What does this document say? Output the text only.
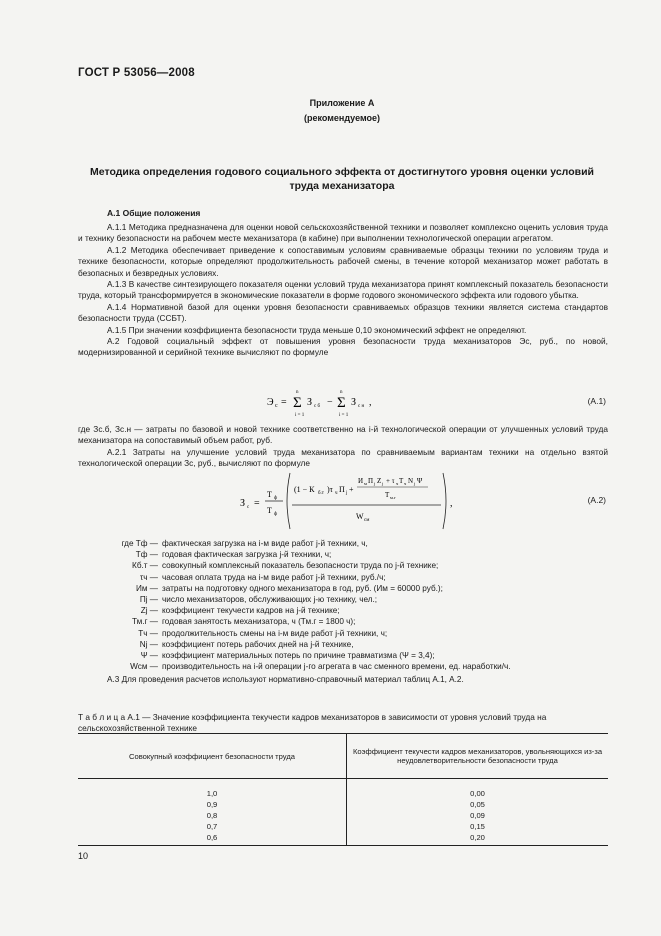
ГОСТ Р 53056—2008
Приложение А
(рекомендуемое)
Методика определения годового социального эффекта от достигнутого уровня оценки условий труда механизатора
А.1 Общие положения

А.1.1 Методика предназначена для оценки новой сельскохозяйственной техники и позволяет комплексно оценить условия труда и технику безопасности на рабочем месте механизатора (в кабине) при выполнении технологической операции агрегатом.

А.1.2 Методика обеспечивает приведение к сопоставимым условиям сравниваемые образцы техники по условиям труда и технике безопасности, которые определяют продолжительность рабочей смены, в течение которой механизатор может работать в безопасных и безвредных условиях.

А.1.3 В качестве синтезирующего показателя оценки условий труда механизатора принят комплексный показатель безопасности труда, который трансформируется в экономические показатели в форме годового экономического эффекта или годового убытка.

А.1.4 Нормативной базой для оценки уровня безопасности сравниваемых образцов техники является система стандартов безопасности труда (ССБТ).

А.1.5 При значении коэффициента безопасности труда меньше 0,10 экономический эффект не определяют.

А.2 Годовой социальный эффект от повышения уровня безопасности труда механизаторов Эс, руб., по новой, модернизированной и серийной технике вычисляют по формуле

Э с = Σ
n
i = 1
З с б − Σ
n
i = 1
З с н ,	(А.1)

где Зс.б, Зс.н — затраты по базовой и новой технике соответственно на i-й технологической операции от улучшенных условий труда механизатора на сопоставимый объем работ, руб.

А.2.1 Затраты на улучшение условий труда механизатора по сравниваемым вариантам техники на отдельно взятой технологической операции Зс, руб., вычисляют по формуле

З с =
Т ф
Т ф
(1 − К б.т )τ ч П j +
И м П j Z j + τ ч Т ч N j Ψ
Т м.г
W см
,	(А.2)
где Тф — фактическая загрузка на i-м виде работ j-й техники, ч,
Тф — годовая фактическая загрузка j-й техники, ч;
Кб.т — совокупный комплексный показатель безопасности труда по j-й технике;
τч — часовая оплата труда на i-м виде работ j-й техники, руб./ч;
Им — затраты на подготовку одного механизатора в год, руб. (Им = 60000 руб.);
Пj — число механизаторов, обслуживающих j-ю технику, чел.;
Zj — коэффициент текучести кадров на j-й технике;
Тм.г — годовая занятость механизатора, ч (Тм.г = 1800 ч);
Тч — продолжительность смены на i-м виде работ j-й техники, ч;
Nj — коэффициент потерь рабочих дней на j-й технике,
Ψ — коэффициент материальных потерь по причине травматизма (Ψ = 3,4);
Wсм — производительность на i-й операции j-го агрегата в час сменного времени, ед. наработки/ч.

А.3 Для проведения расчетов используют нормативно-справочный материал таблиц А.1, А.2.

Т а б л и ц а А.1 — Значение коэффициента текучести кадров механизаторов в зависимости от уровня условий труда на сельскохозяйственной технике
Совокупный коэффициент безопасности труда	Коэффициент текучести кадров механизаторов, увольняющихся из-за неудовлетворительности безопасности труда
1,0	0,00
0,9	0,05
0,8	0,09
0,7	0,15
0,6	0,20
10
